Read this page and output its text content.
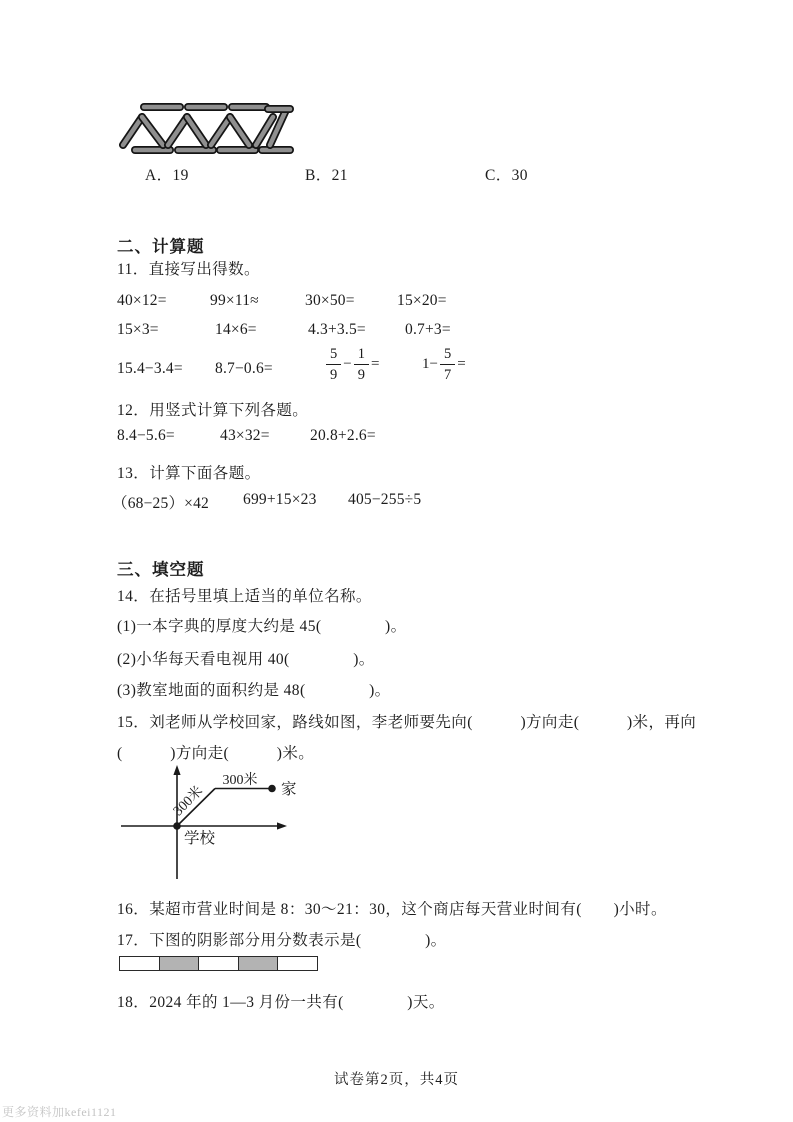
A．19	B．21	C．30
二、计算题
11．直接写出得数。
40×12=	99×11≈	30×50=	15×20=
15×3=	14×6=	4.3+3.5=	0.7+3=
15.4−3.4= 8.7−0.6=	$\frac{5}{9} - \frac{1}{9}$ =	$1- \frac{5}{7}$ =
12．用竖式计算下列各题。
8.4−5.6=	43×32=	20.8+2.6=
13．计算下面各题。
（68−25）×42 699+15×23 405−255÷5
三、填空题
14．在括号里填上适当的单位名称。
(1)一本字典的厚度大约是 45(　　　　)。
(2)小华每天看电视用 40(　　　　)。
(3)教室地面的面积约是 48(　　　　)。
15．刘老师从学校回家，路线如图，李老师要先向(　　　)方向走(　　　)米，再向
(　　　)方向走(　　　)米。
300米
300米
家
学校
16．某超市营业时间是 8：30～21：30，这个商店每天营业时间有(　　)小时。
17．下图的阴影部分用分数表示是(　　　　)。
18．2024 年的 1—3 月份一共有(　　　　)天。
试卷第2页，共4页
更多资料加kefei1121
